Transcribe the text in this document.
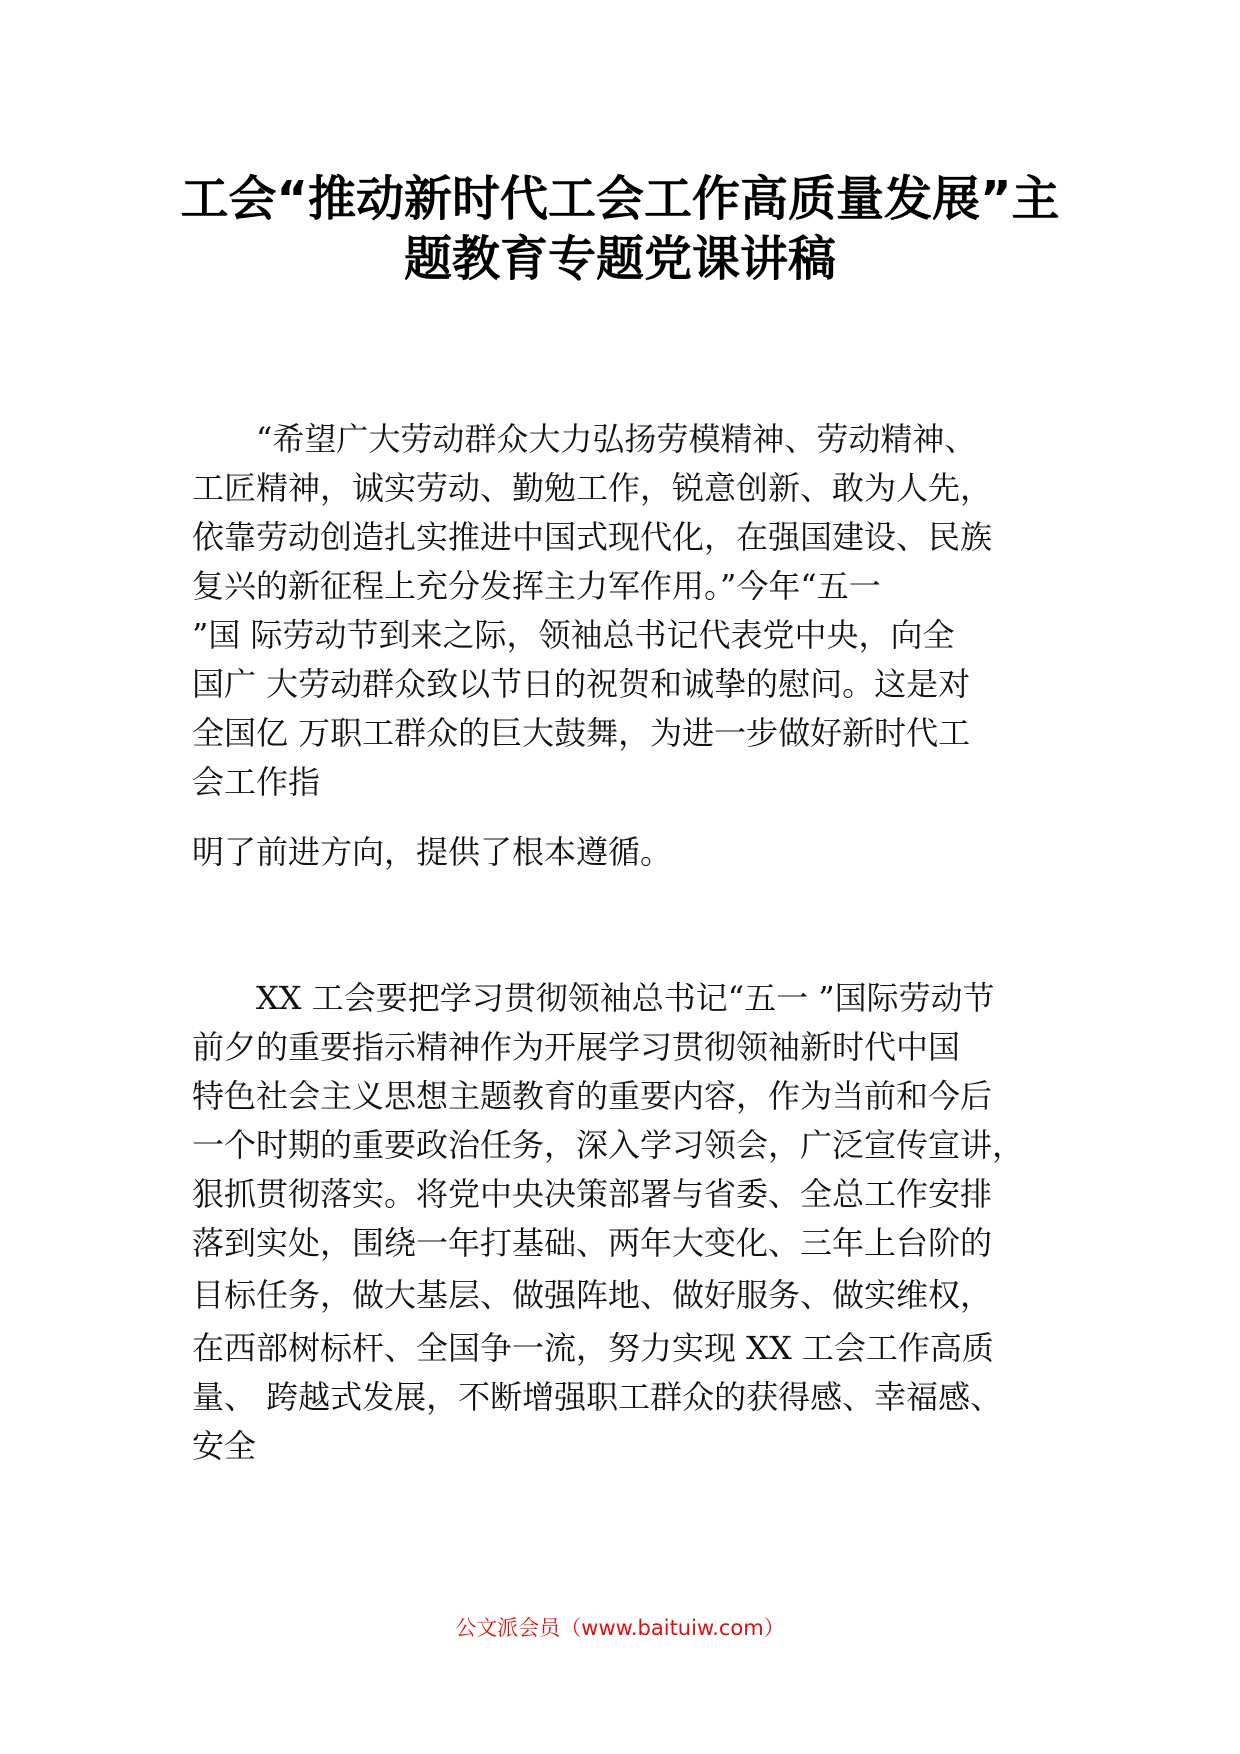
工会“推动新时代工会工作高质量发展”主
题教育专题党课讲稿
　　“希望广大劳动群众大力弘扬劳模精神、劳动精神、
工匠精神，诚实劳动、勤勉工作，锐意创新、敢为人先，
依靠劳动创造扎实推进中国式现代化，在强国建设、民族
复兴的新征程上充分发挥主力军作用。”今年“五一
”国 际劳动节到来之际，领袖总书记代表党中央，向全
国广 大劳动群众致以节日的祝贺和诚挚的慰问。这是对
全国亿 万职工群众的巨大鼓舞，为进一步做好新时代工
会工作指
明了前进方向，提供了根本遵循。
　　XX 工会要把学习贯彻领袖总书记“五一 ”国际劳动节
前夕的重要指示精神作为开展学习贯彻领袖新时代中国
特色社会主义思想主题教育的重要内容，作为当前和今后
一个时期的重要政治任务，深入学习领会，广泛宣传宣讲，
狠抓贯彻落实。将党中央决策部署与省委、全总工作安排
落到实处，围绕一年打基础、两年大变化、三年上台阶的
目标任务，做大基层、做强阵地、做好服务、做实维权，
在西部树标杆、全国争一流，努力实现 XX 工会工作高质
量、 跨越式发展，不断增强职工群众的获得感、幸福感、
安全
公文派会员（www.baituiw.com）
